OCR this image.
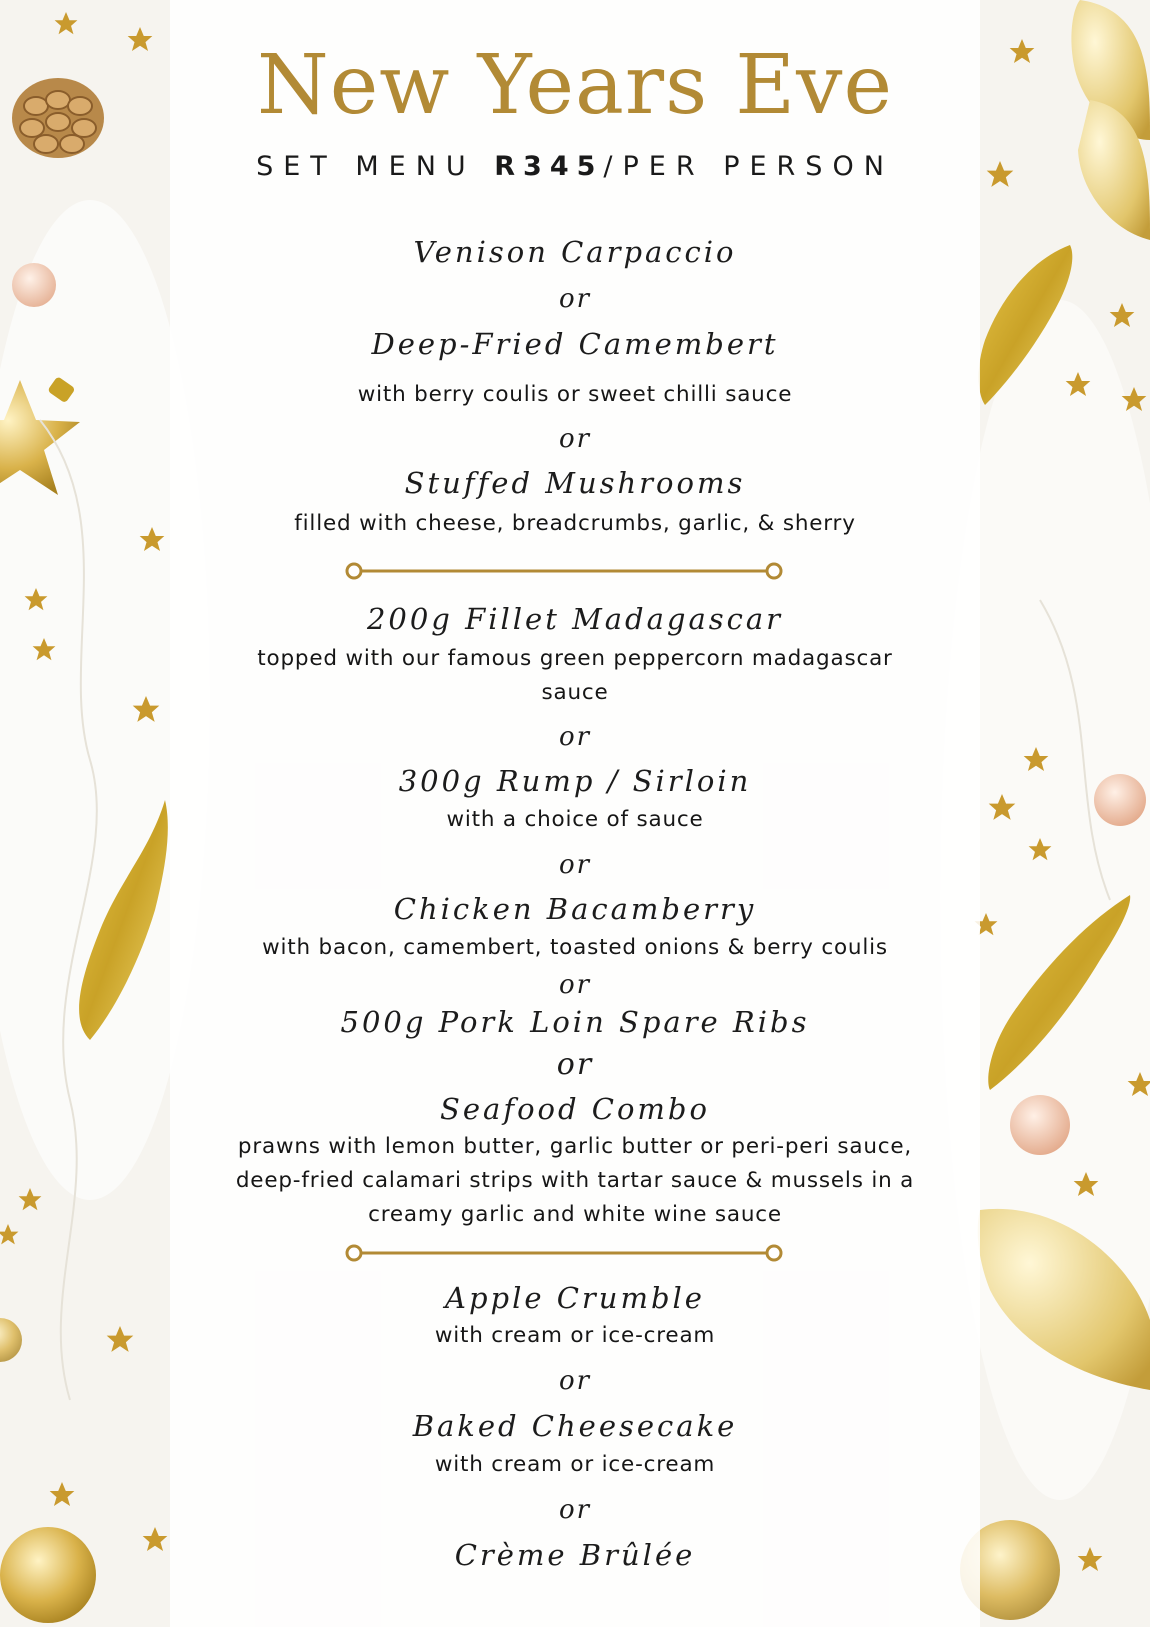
New Years Eve
SET MENU R345/PER PERSON
Venison Carpaccio
or
Deep-Fried Camembert
with berry coulis or sweet chilli sauce
or
Stuffed Mushrooms
filled with cheese, breadcrumbs, garlic, & sherry
200g Fillet Madagascar
topped with our famous green peppercorn madagascar
sauce
or
300g Rump / Sirloin
with a choice of sauce
or
Chicken Bacamberry
with bacon, camembert, toasted onions & berry coulis
or
500g Pork Loin Spare Ribs
or
Seafood Combo
prawns with lemon butter, garlic butter or peri-peri sauce,
deep-fried calamari strips with tartar sauce & mussels in a
creamy garlic and white wine sauce
Apple Crumble
with cream or ice-cream
or
Baked Cheesecake
with cream or ice-cream
or
Crème Brûlée
